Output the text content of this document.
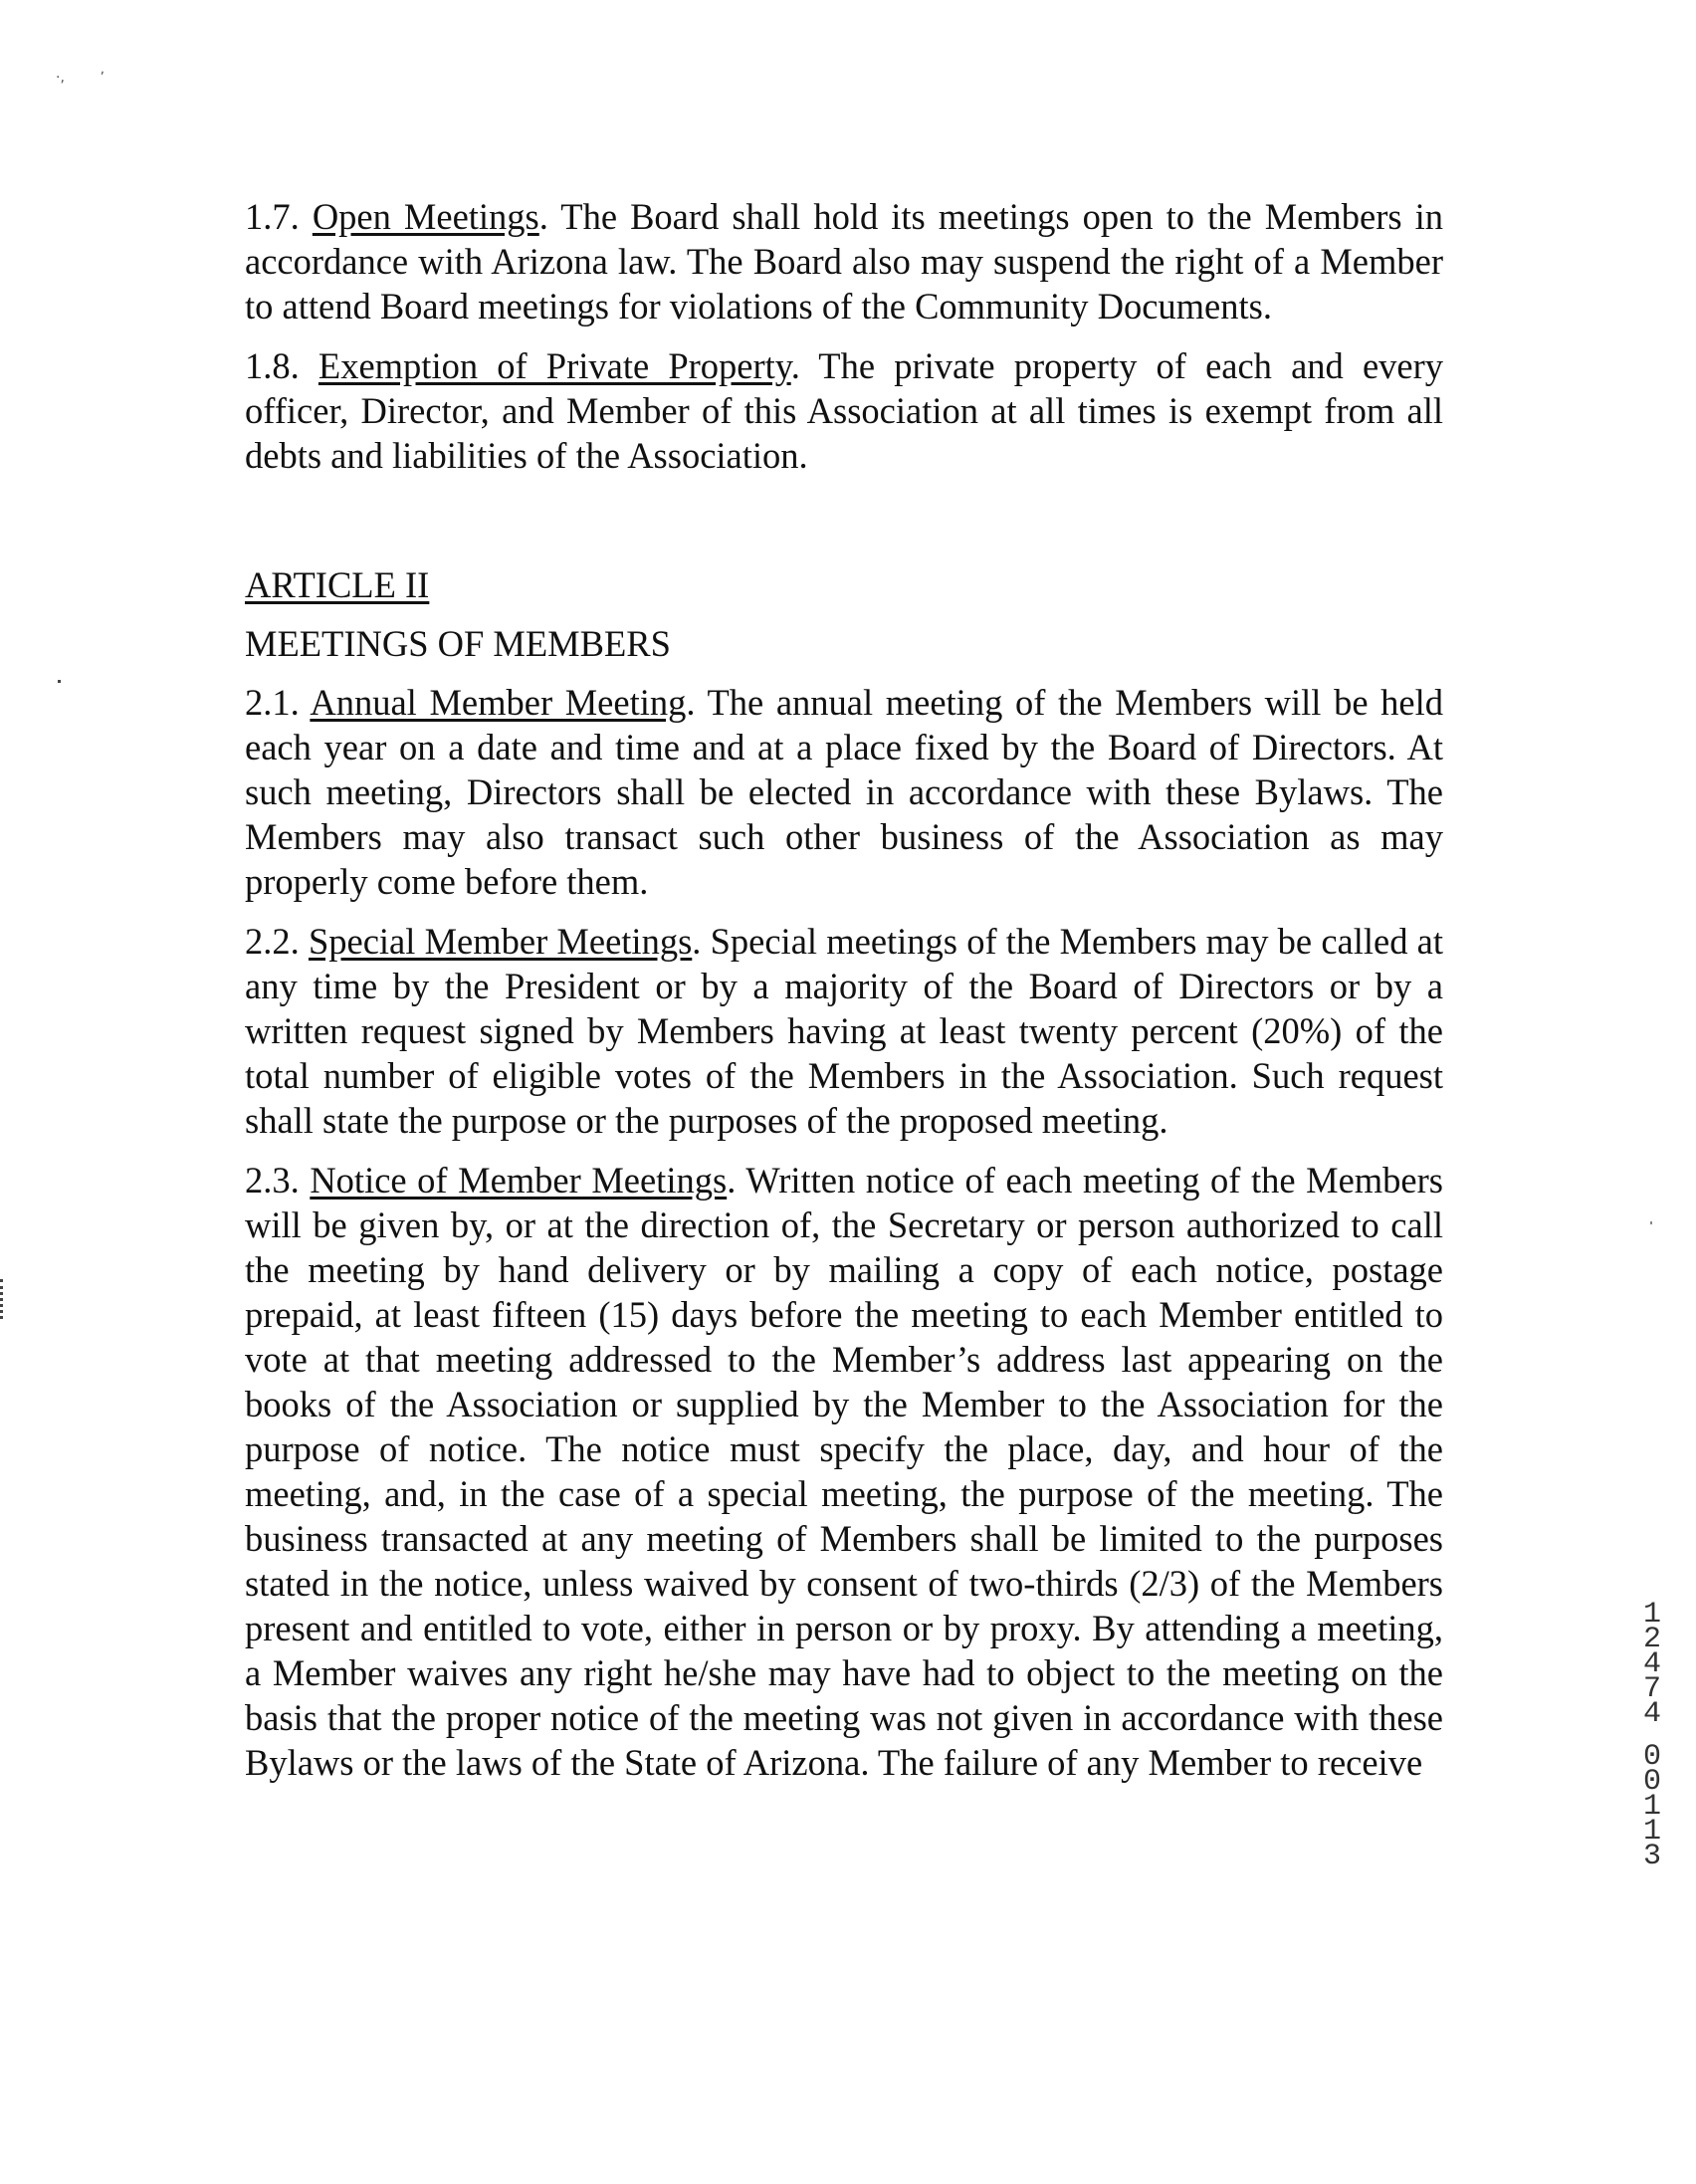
·,        ʼ

1.7. Open Meetings. The Board shall hold its meetings open to the Members in accordance with Arizona law. The Board also may suspend the right of a Member to attend Board meetings for violations of the Community Documents.

1.8. Exemption of Private Property. The private property of each and every officer, Director, and Member of this Association at all times is exempt from all debts and liabilities of the Association.

ARTICLE II

MEETINGS OF MEMBERS

2.1. Annual Member Meeting. The annual meeting of the Members will be held each year on a date and time and at a place fixed by the Board of Directors. At such meeting, Directors shall be elected in accordance with these Bylaws. The Members may also transact such other business of the Association as may properly come before them.

2.2. Special Member Meetings. Special meetings of the Members may be called at any time by the President or by a majority of the Board of Directors or by a written request signed by Members having at least twenty percent (20%) of the total number of eligible votes of the Members in the Association. Such request shall state the purpose or the purposes of the proposed meeting.

2.3. Notice of Member Meetings. Written notice of each meeting of the Members will be given by, or at the direction of, the Secretary or person authorized to call the meeting by hand delivery or by mailing a copy of each notice, postage prepaid, at least fifteen (15) days before the meeting to each Member entitled to vote at that meeting addressed to the Member’s address last appearing on the books of the Association or supplied by the Member to the Association for the purpose of notice. The notice must specify the place, day, and hour of the meeting, and, in the case of a special meeting, the purpose of the meeting. The business transacted at any meeting of Members shall be limited to the purposes stated in the notice, unless waived by consent of two-thirds (2/3) of the Members present and entitled to vote, either in person or by proxy. By attending a meeting, a Member waives any right he/she may have had to object to the meeting on the basis that the proper notice of the meeting was not given in accordance with these Bylaws or the laws of the State of Arizona. The failure of any Member to receive

1
2
4
7
4
0
0
1
1
3
